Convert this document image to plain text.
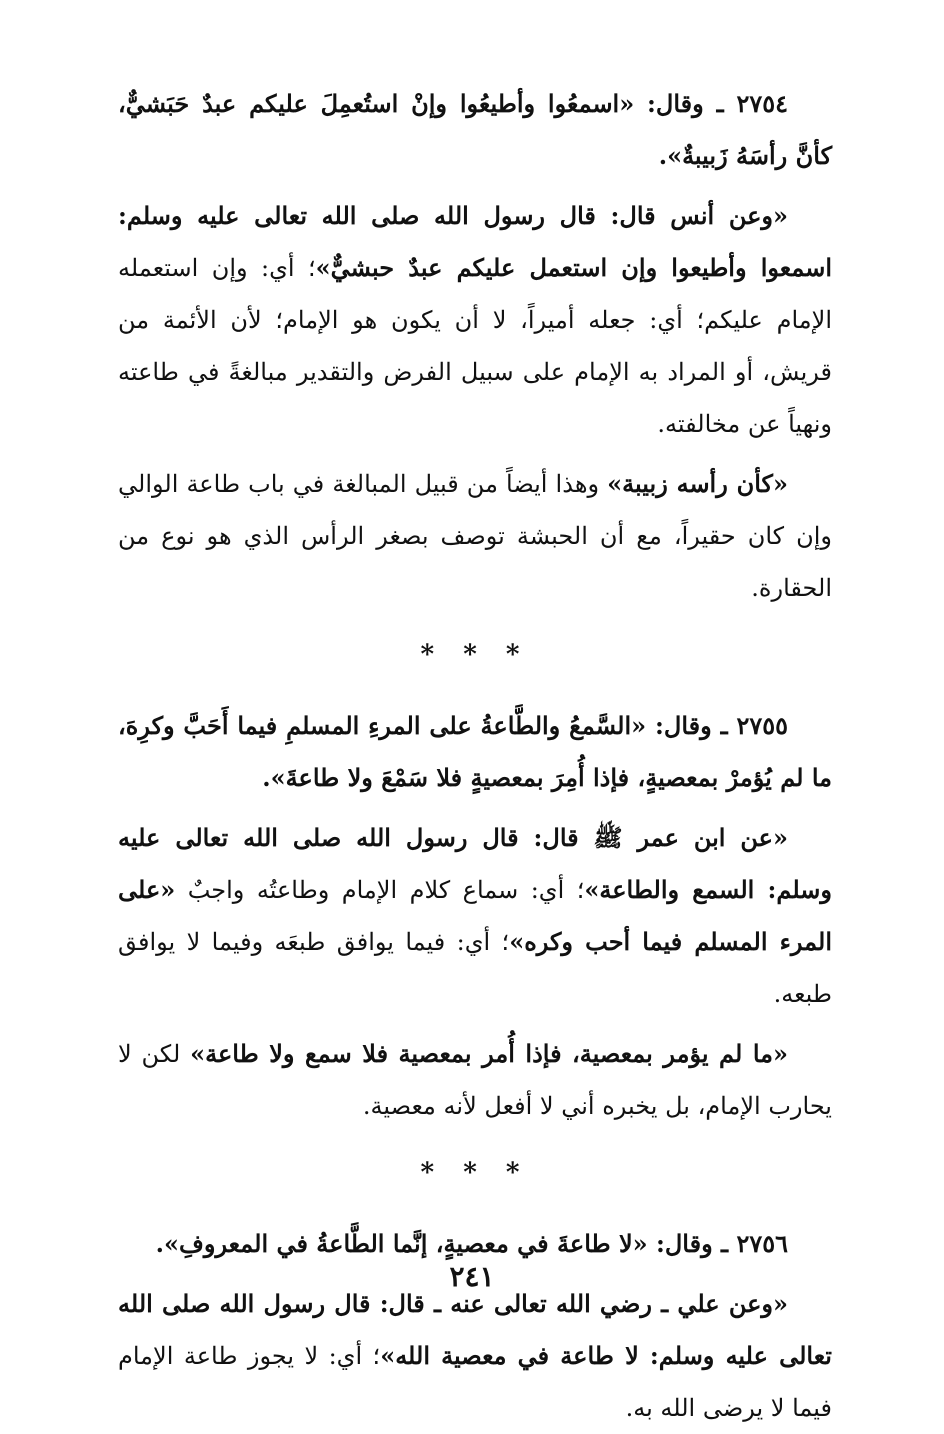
٢٧٥٤ ـ وقال: «اسمعُوا وأطيعُوا وإنْ استُعمِلَ عليكم عبدٌ حَبَشيٌّ، كأنَّ رأسَهُ زَبيبةٌ».

«وعن أنس قال: قال رسول الله صلى الله تعالى عليه وسلم: اسمعوا وأطيعوا وإن استعمل عليكم عبدٌ حبشيٌّ»؛ أي: وإن استعمله الإمام عليكم؛ أي: جعله أميراً، لا أن يكون هو الإمام؛ لأن الأئمة من قريش، أو المراد به الإمام على سبيل الفرض والتقدير مبالغةً في طاعته ونهياً عن مخالفته.

«كأن رأسه زبيبة» وهذا أيضاً من قبيل المبالغة في باب طاعة الوالي وإن كان حقيراً، مع أن الحبشة توصف بصغر الرأس الذي هو نوع من الحقارة.

* * *

٢٧٥٥ ـ وقال: «السَّمعُ والطَّاعةُ على المرءِ المسلمِ فيما أَحَبَّ وكرِهَ، ما لم يُؤمرْ بمعصيةٍ، فإذا أُمِرَ بمعصيةٍ فلا سَمْعَ ولا طاعةَ».

«عن ابن عمر ﷺ قال: قال رسول الله صلى الله تعالى عليه وسلم: السمع والطاعة»؛ أي: سماع كلام الإمام وطاعتُه واجبٌ «على المرء المسلم فيما أحب وكره»؛ أي: فيما يوافق طبعَه وفيما لا يوافق طبعه.

«ما لم يؤمر بمعصية، فإذا أُمر بمعصية فلا سمع ولا طاعة» لكن لا يحارب الإمام، بل يخبره أني لا أفعل لأنه معصية.

* * *

٢٧٥٦ ـ وقال: «لا طاعةَ في معصيةٍ، إنَّما الطَّاعةُ في المعروفِ».

«وعن علي ـ رضي الله تعالى عنه ـ قال: قال رسول الله صلى الله تعالى عليه وسلم: لا طاعة في معصية الله»؛ أي: لا يجوز طاعة الإمام فيما لا يرضى الله به.

٢٤١
